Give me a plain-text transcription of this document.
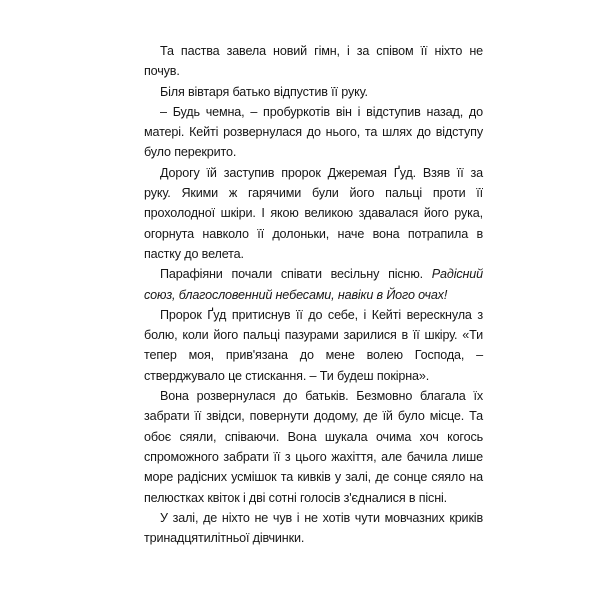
Та паства завела новий гімн, і за співом її ніхто не почув.

Біля вівтаря батько відпустив її руку.

– Будь чемна, – пробуркотів він і відступив назад, до матері. Кейті розвернулася до нього, та шлях до відступу було перекрито.

Дорогу їй заступив пророк Джеремая Ґуд. Взяв її за руку. Якими ж гарячими були його пальці проти її прохолодної шкіри. І якою великою здавалася його рука, огорнута навколо її долоньки, наче вона потрапила в пастку до велета.

Парафіяни почали співати весільну пісню. Радісний союз, благословенний небесами, навіки в Його очах!

Пророк Ґуд притиснув її до себе, і Кейті верескнула з болю, коли його пальці пазурами зарилися в її шкіру. «Ти тепер моя, прив'язана до мене волею Господа, – стверджувало це стискання. – Ти будеш покірна».

Вона розвернулася до батьків. Безмовно благала їх забрати її звідси, повернути додому, де їй було місце. Та обоє сяяли, співаючи. Вона шукала очима хоч когось спроможного забрати її з цього жахіття, але бачила лише море радісних усмішок та кивків у залі, де сонце сяяло на пелюстках квіток і дві сотні голосів з'єдналися в пісні.

У залі, де ніхто не чув і не хотів чути мовчазних криків тринадцятилітньої дівчинки.
